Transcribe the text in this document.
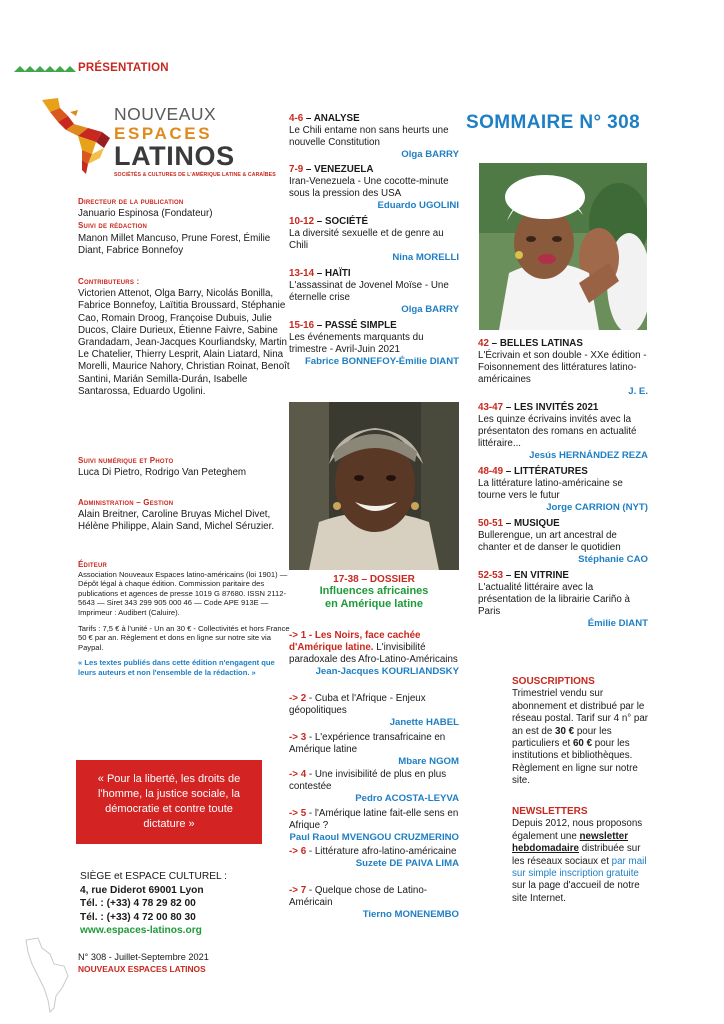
PRÉSENTATION
NOUVEAUX
ESPACES
LATINOS
SOCIÉTÉS & CULTURES DE L'AMÉRIQUE LATINE & CARAÏBES
Directeur de la publication
Januario Espinosa (Fondateur)
Suivi de rédaction
Manon Millet Mancuso, Prune Forest, Émilie Diant, Fabrice Bonnefoy
Contributeurs :
Victorien Attenot, Olga Barry, Nicolás Bonilla, Fabrice Bonnefoy, Laïtitia Broussard, Stéphanie Cao, Romain Droog, Françoise Dubuis, Julie Ducos, Claire Durieux, Étienne Faivre, Sabine Grandadam, Jean-Jacques Kourliandsky, Martin Le Chatelier, Thierry Lesprit, Alain Liatard, Nina Morelli, Maurice Nahory, Christian Roinat, Benoît Santini, Marián Semilla-Durán, Isabelle Santarossa, Eduardo Ugolini.
Suivi numérique et Photo
Luca Di Pietro, Rodrigo Van Peteghem
Administration – Gestion
Alain Breitner, Caroline Bruyas Michel Divet, Hélène Philippe, Alain Sand, Michel Séruzier.
Éditeur
Association Nouveaux Espaces latino-américains (loi 1901) — Dépôt légal à chaque édition. Commission paritaire des publications et agences de presse 1019 G 87680. ISSN 2112-5643 — Siret 343 299 905 000 46 — Code APE 913E — Imprimeur : Audibert (Caluire).
Tarifs : 7,5 € à l'unité - Un an 30 € - Collectivités et hors France 50 € par an. Règlement et dons en ligne sur notre site via Paypal.
« Les textes publiés dans cette édition n'engagent que leurs auteurs et non l'ensemble de la rédaction. »
« Pour la liberté, les droits de l'homme, la justice sociale, la démocratie et contre toute dictature »
SIÈGE et ESPACE CULTUREL :
4, rue Diderot 69001 Lyon
Tél. : (+33) 4 78 29 82 00
Tél. : (+33) 4 72 00 80 30
www.espaces-latinos.org
N° 308 - Juillet-Septembre 2021
NOUVEAUX ESPACES LATINOS
SOMMAIRE N° 308
4-6 – ANALYSE
Le Chili entame non sans heurts une nouvelle Constitution
Olga BARRY
7-9 – VENEZUELA
Iran-Venezuela - Une cocotte-minute sous la pression des USA
Eduardo UGOLINI
10-12 – SOCIÉTÉ
La diversité sexuelle et de genre au Chili
Nina MORELLI
13-14 – HAÏTI
L'assassinat de Jovenel Moïse - Une éternelle crise
Olga BARRY
15-16 – PASSÉ SIMPLE
Les événements marquants du trimestre - Avril-Juin 2021
Fabrice BONNEFOY-Émilie DIANT
42 – BELLES LATINAS
L'Écrivain et son double - XXe édition - Foisonnement des littératures latino-américaines
J. E.
43-47 – LES INVITÉS 2021
Les quinze écrivains invités avec la présentaton des romans en actualité littéraire...
Jesús HERNÁNDEZ REZA
48-49 – LITTÉRATURES
La littérature latino-américaine se tourne vers le futur
Jorge CARRION (NYT)
50-51 – MUSIQUE
Bullerengue, un art ancestral de chanter et de danser le quotidien
Stéphanie CAO
52-53 – EN VITRINE
L'actualité littéraire avec la présentation de la librairie Cariño à Paris
Émilie DIANT
17-38 – DOSSIER
Influences africaines
en Amérique latine
-> 1 - Les Noirs, face cachée d'Amérique latine. L'invisibilité paradoxale des Afro-Latino-Américains
Jean-Jacques KOURLIANDSKY
-> 2 - Cuba et l'Afrique - Enjeux géopolitiques
Janette HABEL
-> 3 - L'expérience transafricaine en Amérique latine
Mbare NGOM
-> 4 - Une invisibilité de plus en plus contestée
Pedro ACOSTA-LEYVA
-> 5 - l'Amérique latine fait-elle sens en Afrique ?
Paul Raoul MVENGOU CRUZMERINO
-> 6 - Littérature afro-latino-américaine
Suzete DE PAIVA LIMA
-> 7 - Quelque chose de Latino-Américain
Tierno MONENEMBO
SOUSCRIPTIONS
Trimestriel vendu sur abonnement et distribué par le réseau postal. Tarif sur 4 n° par an est de 30 € pour les particuliers et 60 € pour les institutions et bibliothèques. Règlement en ligne sur notre site.
NEWSLETTERS
Depuis 2012, nous proposons également une newsletter hebdomadaire distribuée sur les réseaux sociaux et par mail sur simple inscription gratuite sur la page d'accueil de notre site Internet.
